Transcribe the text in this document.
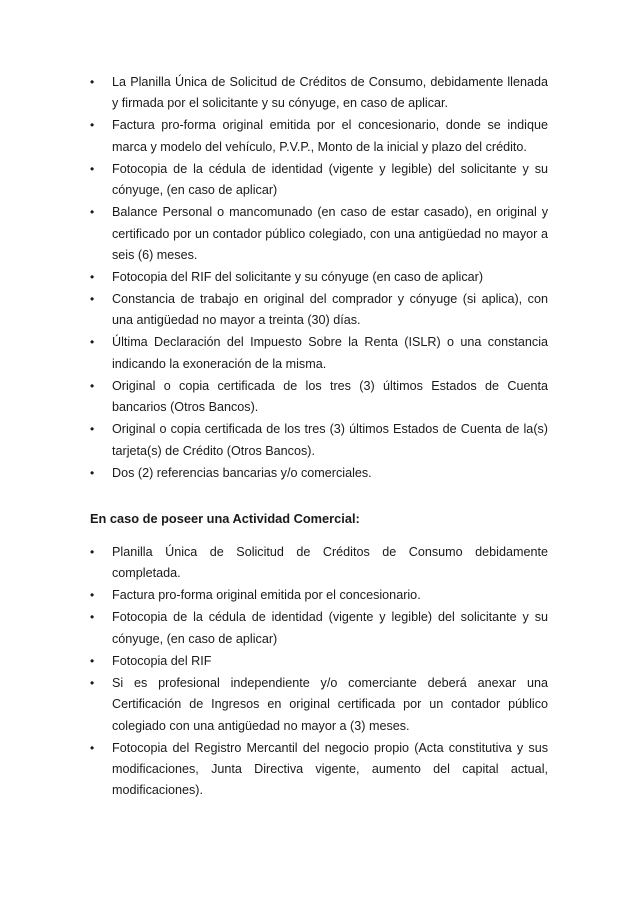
•	La Planilla Única de Solicitud de Créditos de Consumo, debidamente llenada y firmada por el solicitante y su cónyuge, en caso de aplicar.
•	Factura pro-forma original emitida por el concesionario, donde se indique marca y modelo del vehículo, P.V.P., Monto de la inicial y plazo del crédito.
•	Fotocopia de la cédula de identidad (vigente y legible) del solicitante y su cónyuge, (en caso de aplicar)
•	Balance Personal o mancomunado (en caso de estar casado), en original y certificado por un contador público colegiado, con una antigüedad no mayor a seis (6) meses.
•	Fotocopia del RIF del solicitante y su cónyuge (en caso de aplicar)
•	Constancia de trabajo en original del comprador y cónyuge (si aplica), con una antigüedad no mayor a treinta (30) días.
•	Última Declaración del Impuesto Sobre la Renta (ISLR) o una constancia indicando la exoneración de la misma.
•	Original o copia certificada de los tres (3) últimos Estados de Cuenta bancarios (Otros Bancos).
•	Original o copia certificada de los tres (3) últimos Estados de Cuenta de la(s) tarjeta(s) de Crédito (Otros Bancos).
•	Dos (2) referencias bancarias y/o comerciales.
En caso de poseer una Actividad Comercial:
•	Planilla Única de Solicitud de Créditos de Consumo debidamente completada.
•	Factura pro-forma original emitida por el concesionario.
•	Fotocopia de la cédula de identidad (vigente y legible) del solicitante y su cónyuge, (en caso de aplicar)
•	Fotocopia del RIF
•	Si es profesional independiente y/o comerciante deberá anexar una Certificación de Ingresos en original certificada por un contador público colegiado con una antigüedad no mayor a (3) meses.
•	Fotocopia del Registro Mercantil del negocio propio (Acta constitutiva y sus modificaciones, Junta Directiva vigente, aumento del capital actual, modificaciones).
